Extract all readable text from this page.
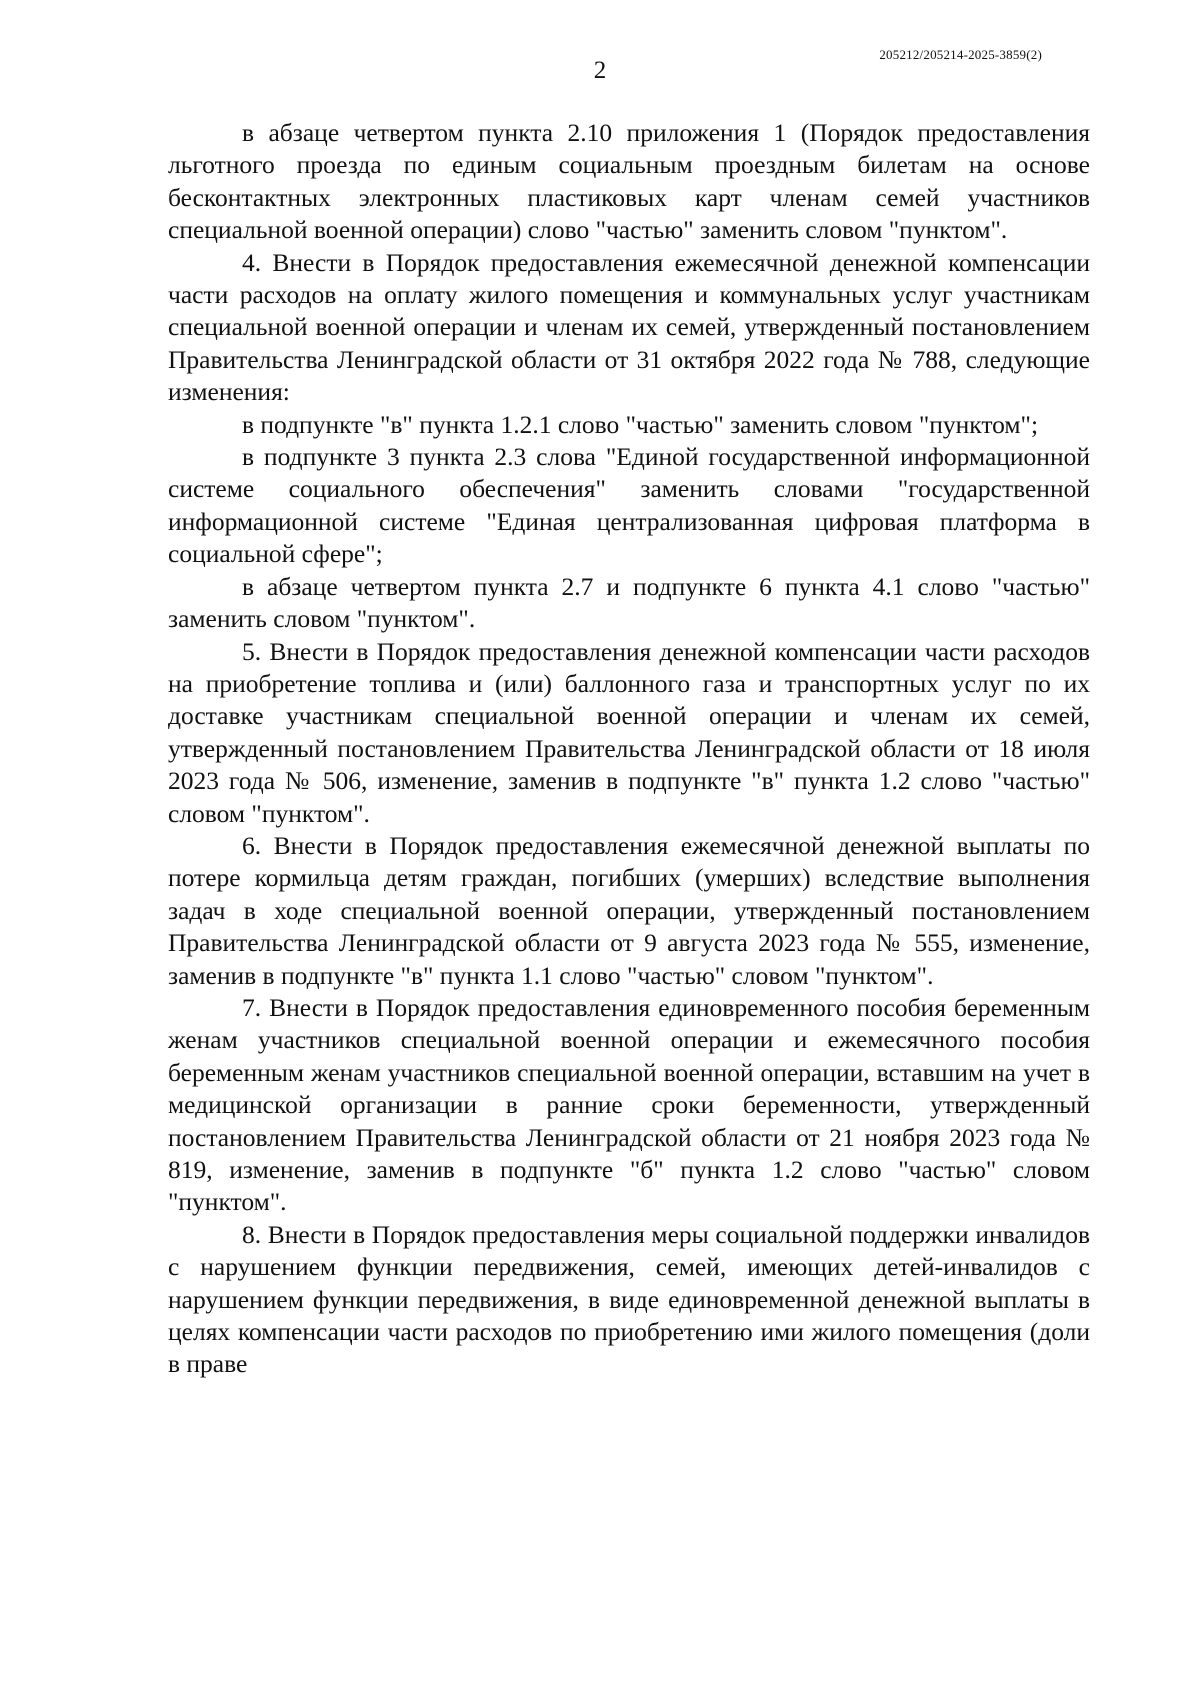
205212/205214-2025-3859(2)
2

в абзаце четвертом пункта 2.10 приложения 1 (Порядок предоставления льготного проезда по единым социальным проездным билетам на основе бесконтактных электронных пластиковых карт членам семей участников специальной военной операции) слово "частью" заменить словом "пунктом".

4. Внести в Порядок предоставления ежемесячной денежной компенсации части расходов на оплату жилого помещения и коммунальных услуг участникам специальной военной операции и членам их семей, утвержденный постановлением Правительства Ленинградской области от 31 октября 2022 года № 788, следующие изменения:

в подпункте "в" пункта 1.2.1 слово "частью" заменить словом "пунктом";

в подпункте 3 пункта 2.3 слова "Единой государственной информационной системе социального обеспечения" заменить словами "государственной информационной системе "Единая централизованная цифровая платформа в социальной сфере";

в абзаце четвертом пункта 2.7 и подпункте 6 пункта 4.1 слово "частью" заменить словом "пунктом".

5. Внести в Порядок предоставления денежной компенсации части расходов на приобретение топлива и (или) баллонного газа и транспортных услуг по их доставке участникам специальной военной операции и членам их семей, утвержденный постановлением Правительства Ленинградской области от 18 июля 2023 года № 506, изменение, заменив в подпункте "в" пункта 1.2 слово "частью" словом "пунктом".

6. Внести в Порядок предоставления ежемесячной денежной выплаты по потере кормильца детям граждан, погибших (умерших) вследствие выполнения задач в ходе специальной военной операции, утвержденный постановлением Правительства Ленинградской области от 9 августа 2023 года № 555, изменение, заменив в подпункте "в" пункта 1.1 слово "частью" словом "пунктом".

7. Внести в Порядок предоставления единовременного пособия беременным женам участников специальной военной операции и ежемесячного пособия беременным женам участников специальной военной операции, вставшим на учет в медицинской организации в ранние сроки беременности, утвержденный постановлением Правительства Ленинградской области от 21 ноября 2023 года № 819, изменение, заменив в подпункте "б" пункта 1.2 слово "частью" словом "пунктом".

8. Внести в Порядок предоставления меры социальной поддержки инвалидов с нарушением функции передвижения, семей, имеющих детей-инвалидов с нарушением функции передвижения, в виде единовременной денежной выплаты в целях компенсации части расходов по приобретению ими жилого помещения (доли в праве
